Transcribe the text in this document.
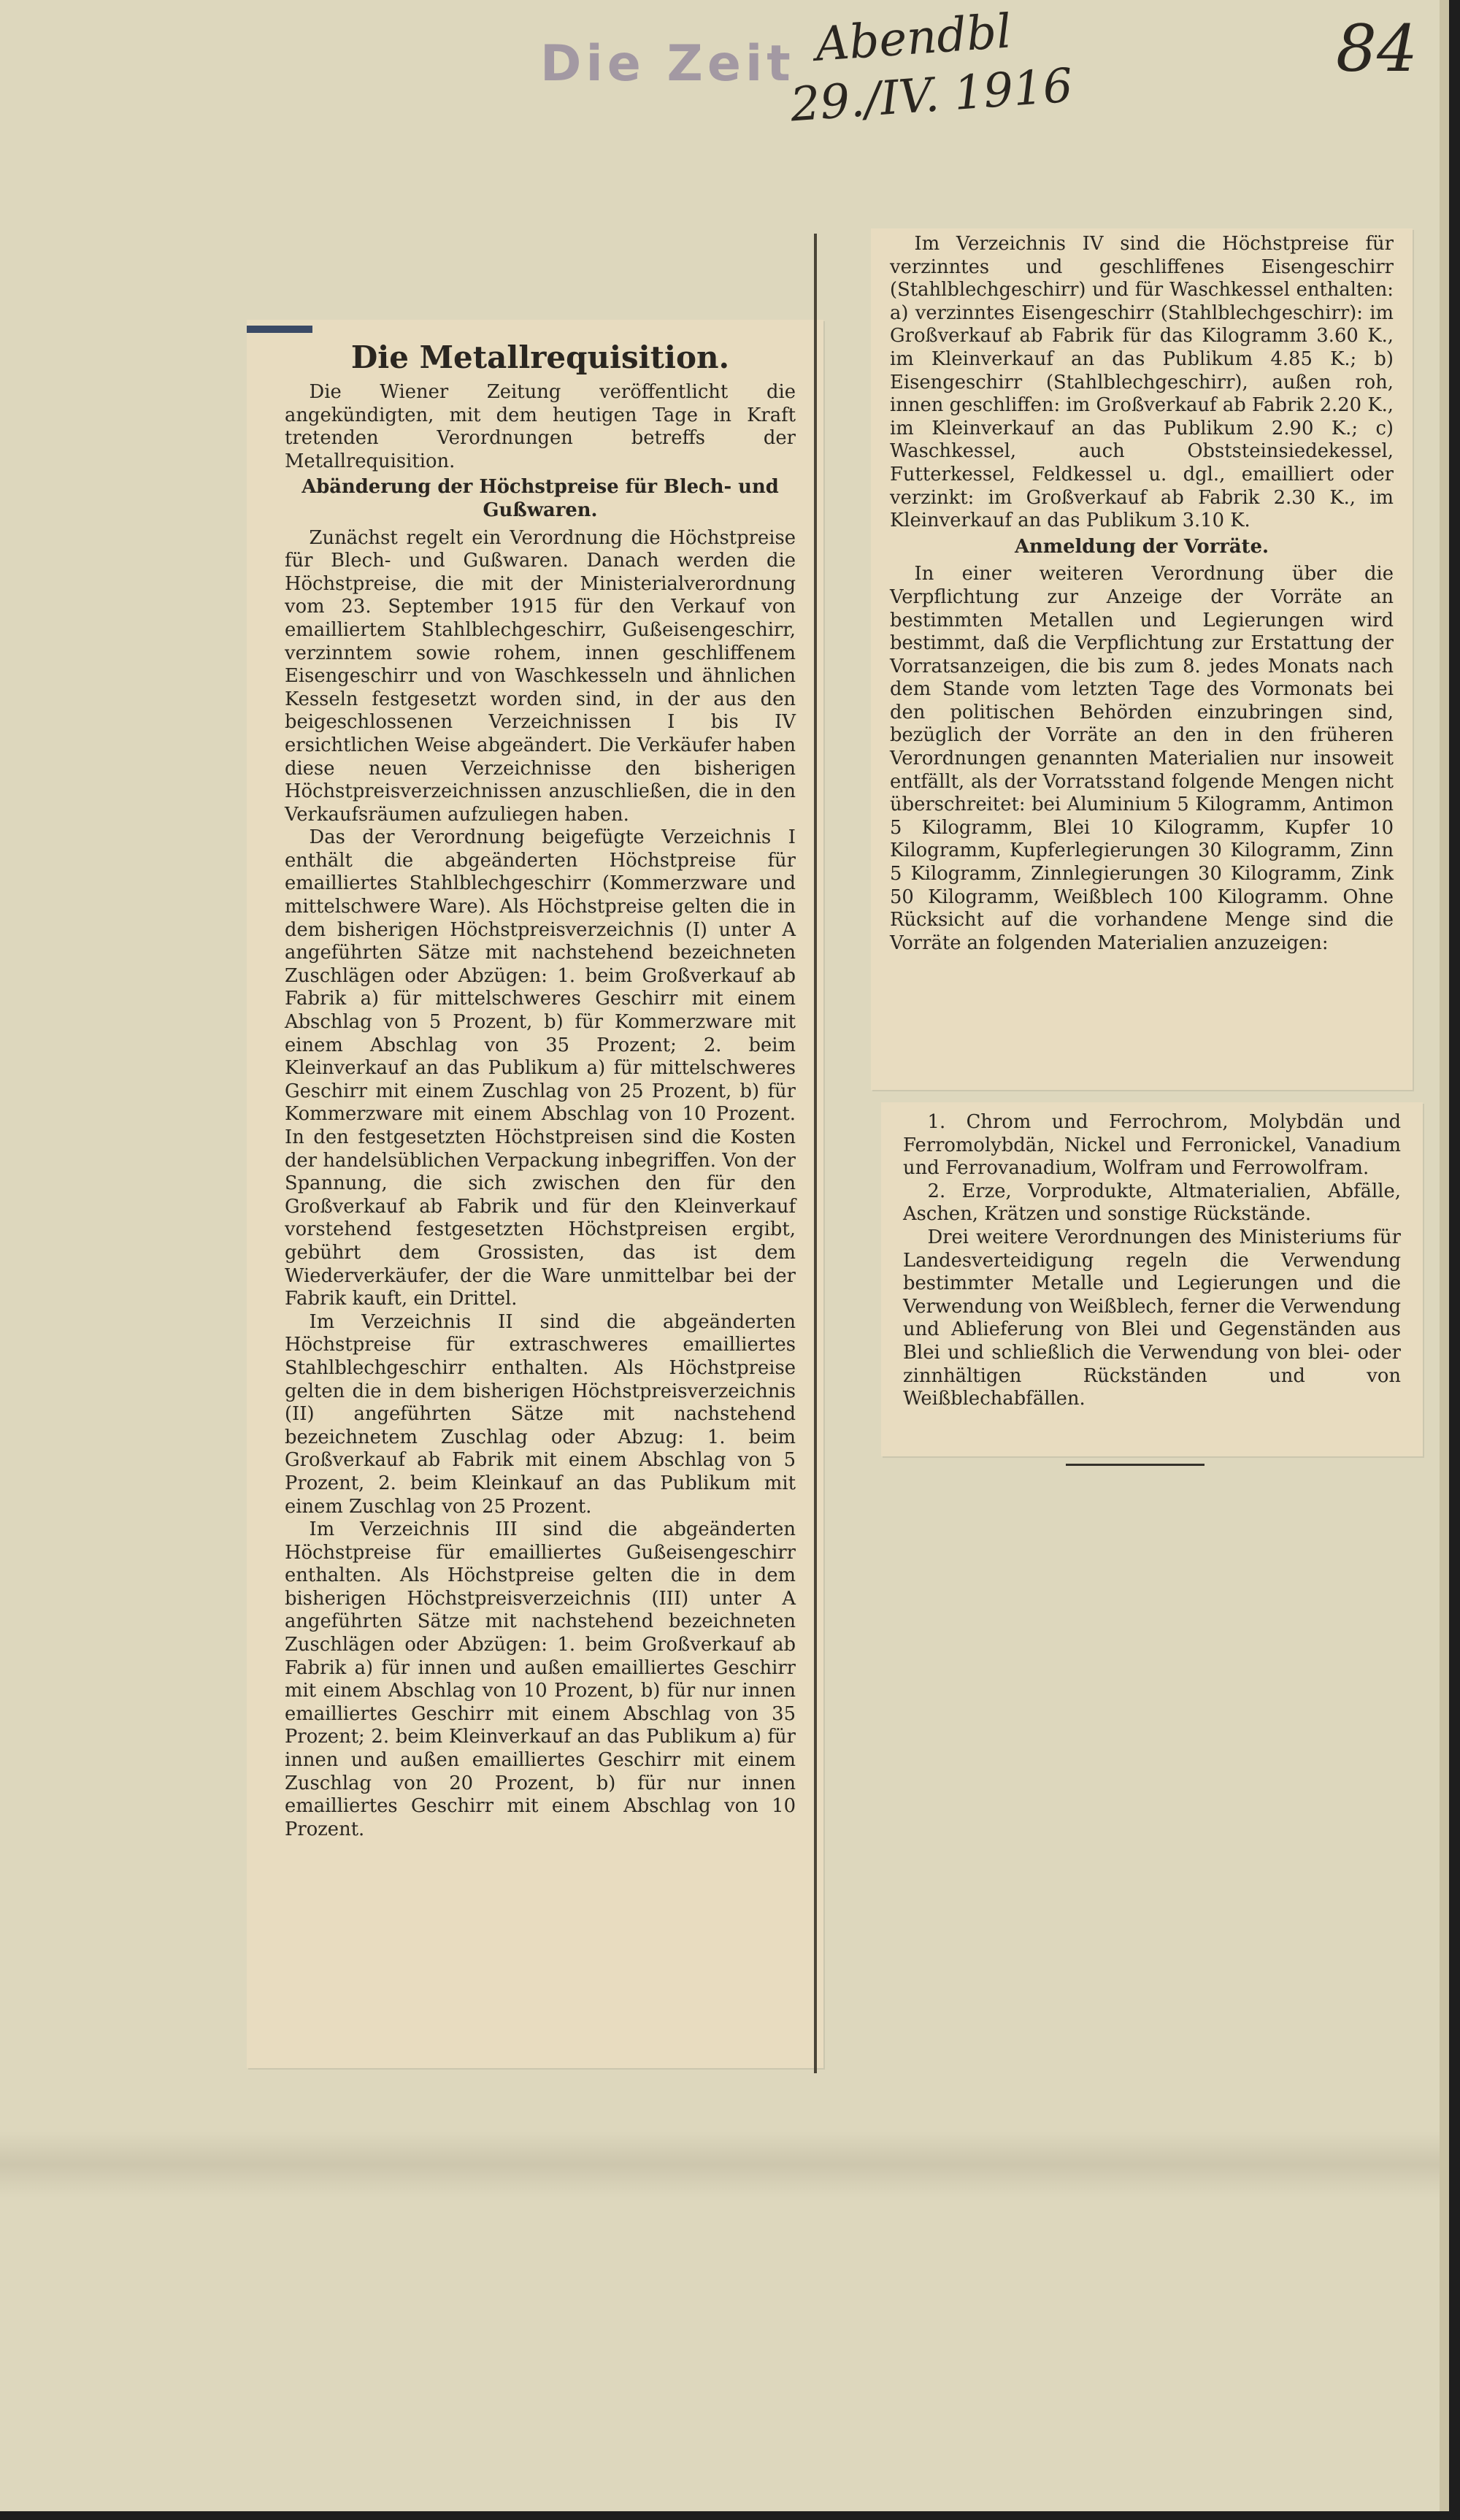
Die Zeit Abendbl
29./IV. 1916
84
Die Metallrequisition.

Die Wiener Zeitung veröffentlicht die angekündigten, mit dem heutigen Tage in Kraft tretenden Verordnungen betreffs der Metallrequisition.

Abänderung der Höchstpreise für Blech- und Gußwaren.

Zunächst regelt ein Verordnung die Höchstpreise für Blech- und Gußwaren. Danach werden die Höchstpreise, die mit der Ministerialverordnung vom 23. September 1915 für den Verkauf von emailliertem Stahlblechgeschirr, Gußeisengeschirr, verzinntem sowie rohem, innen geschliffenem Eisengeschirr und von Waschkesseln und ähnlichen Kesseln festgesetzt worden sind, in der aus den beigeschlossenen Verzeichnissen I bis IV ersichtlichen Weise abgeändert. Die Verkäufer haben diese neuen Verzeichnisse den bisherigen Höchstpreisverzeichnissen anzuschließen, die in den Verkaufsräumen aufzuliegen haben.

Das der Verordnung beigefügte Verzeichnis I enthält die abgeänderten Höchstpreise für emailliertes Stahlblechgeschirr (Kommerzware und mittelschwere Ware). Als Höchstpreise gelten die in dem bisherigen Höchstpreisverzeichnis (I) unter A angeführten Sätze mit nachstehend bezeichneten Zuschlägen oder Abzügen: 1. beim Großverkauf ab Fabrik a) für mittelschweres Geschirr mit einem Abschlag von 5 Prozent, b) für Kommerzware mit einem Abschlag von 35 Prozent; 2. beim Kleinverkauf an das Publikum a) für mittelschweres Geschirr mit einem Zuschlag von 25 Prozent, b) für Kommerzware mit einem Abschlag von 10 Prozent. In den festgesetzten Höchstpreisen sind die Kosten der handelsüblichen Verpackung inbegriffen. Von der Spannung, die sich zwischen den für den Großverkauf ab Fabrik und für den Kleinverkauf vorstehend festgesetzten Höchstpreisen ergibt, gebührt dem Grossisten, das ist dem Wiederverkäufer, der die Ware unmittelbar bei der Fabrik kauft, ein Drittel.

Im Verzeichnis II sind die abgeänderten Höchstpreise für extraschweres emailliertes Stahlblechgeschirr enthalten. Als Höchstpreise gelten die in dem bisherigen Höchstpreisverzeichnis (II) angeführten Sätze mit nachstehend bezeichnetem Zuschlag oder Abzug: 1. beim Großverkauf ab Fabrik mit einem Abschlag von 5 Prozent, 2. beim Kleinkauf an das Publikum mit einem Zuschlag von 25 Prozent.

Im Verzeichnis III sind die abgeänderten Höchstpreise für emailliertes Gußeisengeschirr enthalten. Als Höchstpreise gelten die in dem bisherigen Höchstpreisverzeichnis (III) unter A angeführten Sätze mit nachstehend bezeichneten Zuschlägen oder Abzügen: 1. beim Großverkauf ab Fabrik a) für innen und außen emailliertes Geschirr mit einem Abschlag von 10 Prozent, b) für nur innen emailliertes Geschirr mit einem Abschlag von 35 Prozent; 2. beim Kleinverkauf an das Publikum a) für innen und außen emailliertes Geschirr mit einem Zuschlag von 20 Prozent, b) für nur innen emailliertes Geschirr mit einem Abschlag von 10 Prozent.

Im Verzeichnis IV sind die Höchstpreise für verzinntes und geschliffenes Eisengeschirr (Stahlblechgeschirr) und für Waschkessel enthalten: a) verzinntes Eisengeschirr (Stahlblechgeschirr): im Großverkauf ab Fabrik für das Kilogramm 3.60 K., im Kleinverkauf an das Publikum 4.85 K.; b) Eisengeschirr (Stahlblechgeschirr), außen roh, innen geschliffen: im Großverkauf ab Fabrik 2.20 K., im Kleinverkauf an das Publikum 2.90 K.; c) Waschkessel, auch Obststeinsiedekessel, Futterkessel, Feldkessel u. dgl., emailliert oder verzinkt: im Großverkauf ab Fabrik 2.30 K., im Kleinverkauf an das Publikum 3.10 K.

Anmeldung der Vorräte.

In einer weiteren Verordnung über die Verpflichtung zur Anzeige der Vorräte an bestimmten Metallen und Legierungen wird bestimmt, daß die Verpflichtung zur Erstattung der Vorratsanzeigen, die bis zum 8. jedes Monats nach dem Stande vom letzten Tage des Vormonats bei den politischen Behörden einzubringen sind, bezüglich der Vorräte an den in den früheren Verordnungen genannten Materialien nur insoweit entfällt, als der Vorratsstand folgende Mengen nicht überschreitet: bei Aluminium 5 Kilogramm, Antimon 5 Kilogramm, Blei 10 Kilogramm, Kupfer 10 Kilogramm, Kupferlegierungen 30 Kilogramm, Zinn 5 Kilogramm, Zinnlegierungen 30 Kilogramm, Zink 50 Kilogramm, Weißblech 100 Kilogramm. Ohne Rücksicht auf die vorhandene Menge sind die Vorräte an folgenden Materialien anzuzeigen:

1. Chrom und Ferrochrom, Molybdän und Ferromolybdän, Nickel und Ferronickel, Vanadium und Ferrovanadium, Wolfram und Ferrowolfram.

2. Erze, Vorprodukte, Altmaterialien, Abfälle, Aschen, Krätzen und sonstige Rückstände.

Drei weitere Verordnungen des Ministeriums für Landesverteidigung regeln die Verwendung bestimmter Metalle und Legierungen und die Verwendung von Weißblech, ferner die Verwendung und Ablieferung von Blei und Gegenständen aus Blei und schließlich die Verwendung von blei- oder zinnhältigen Rückständen und von Weißblechabfällen.
